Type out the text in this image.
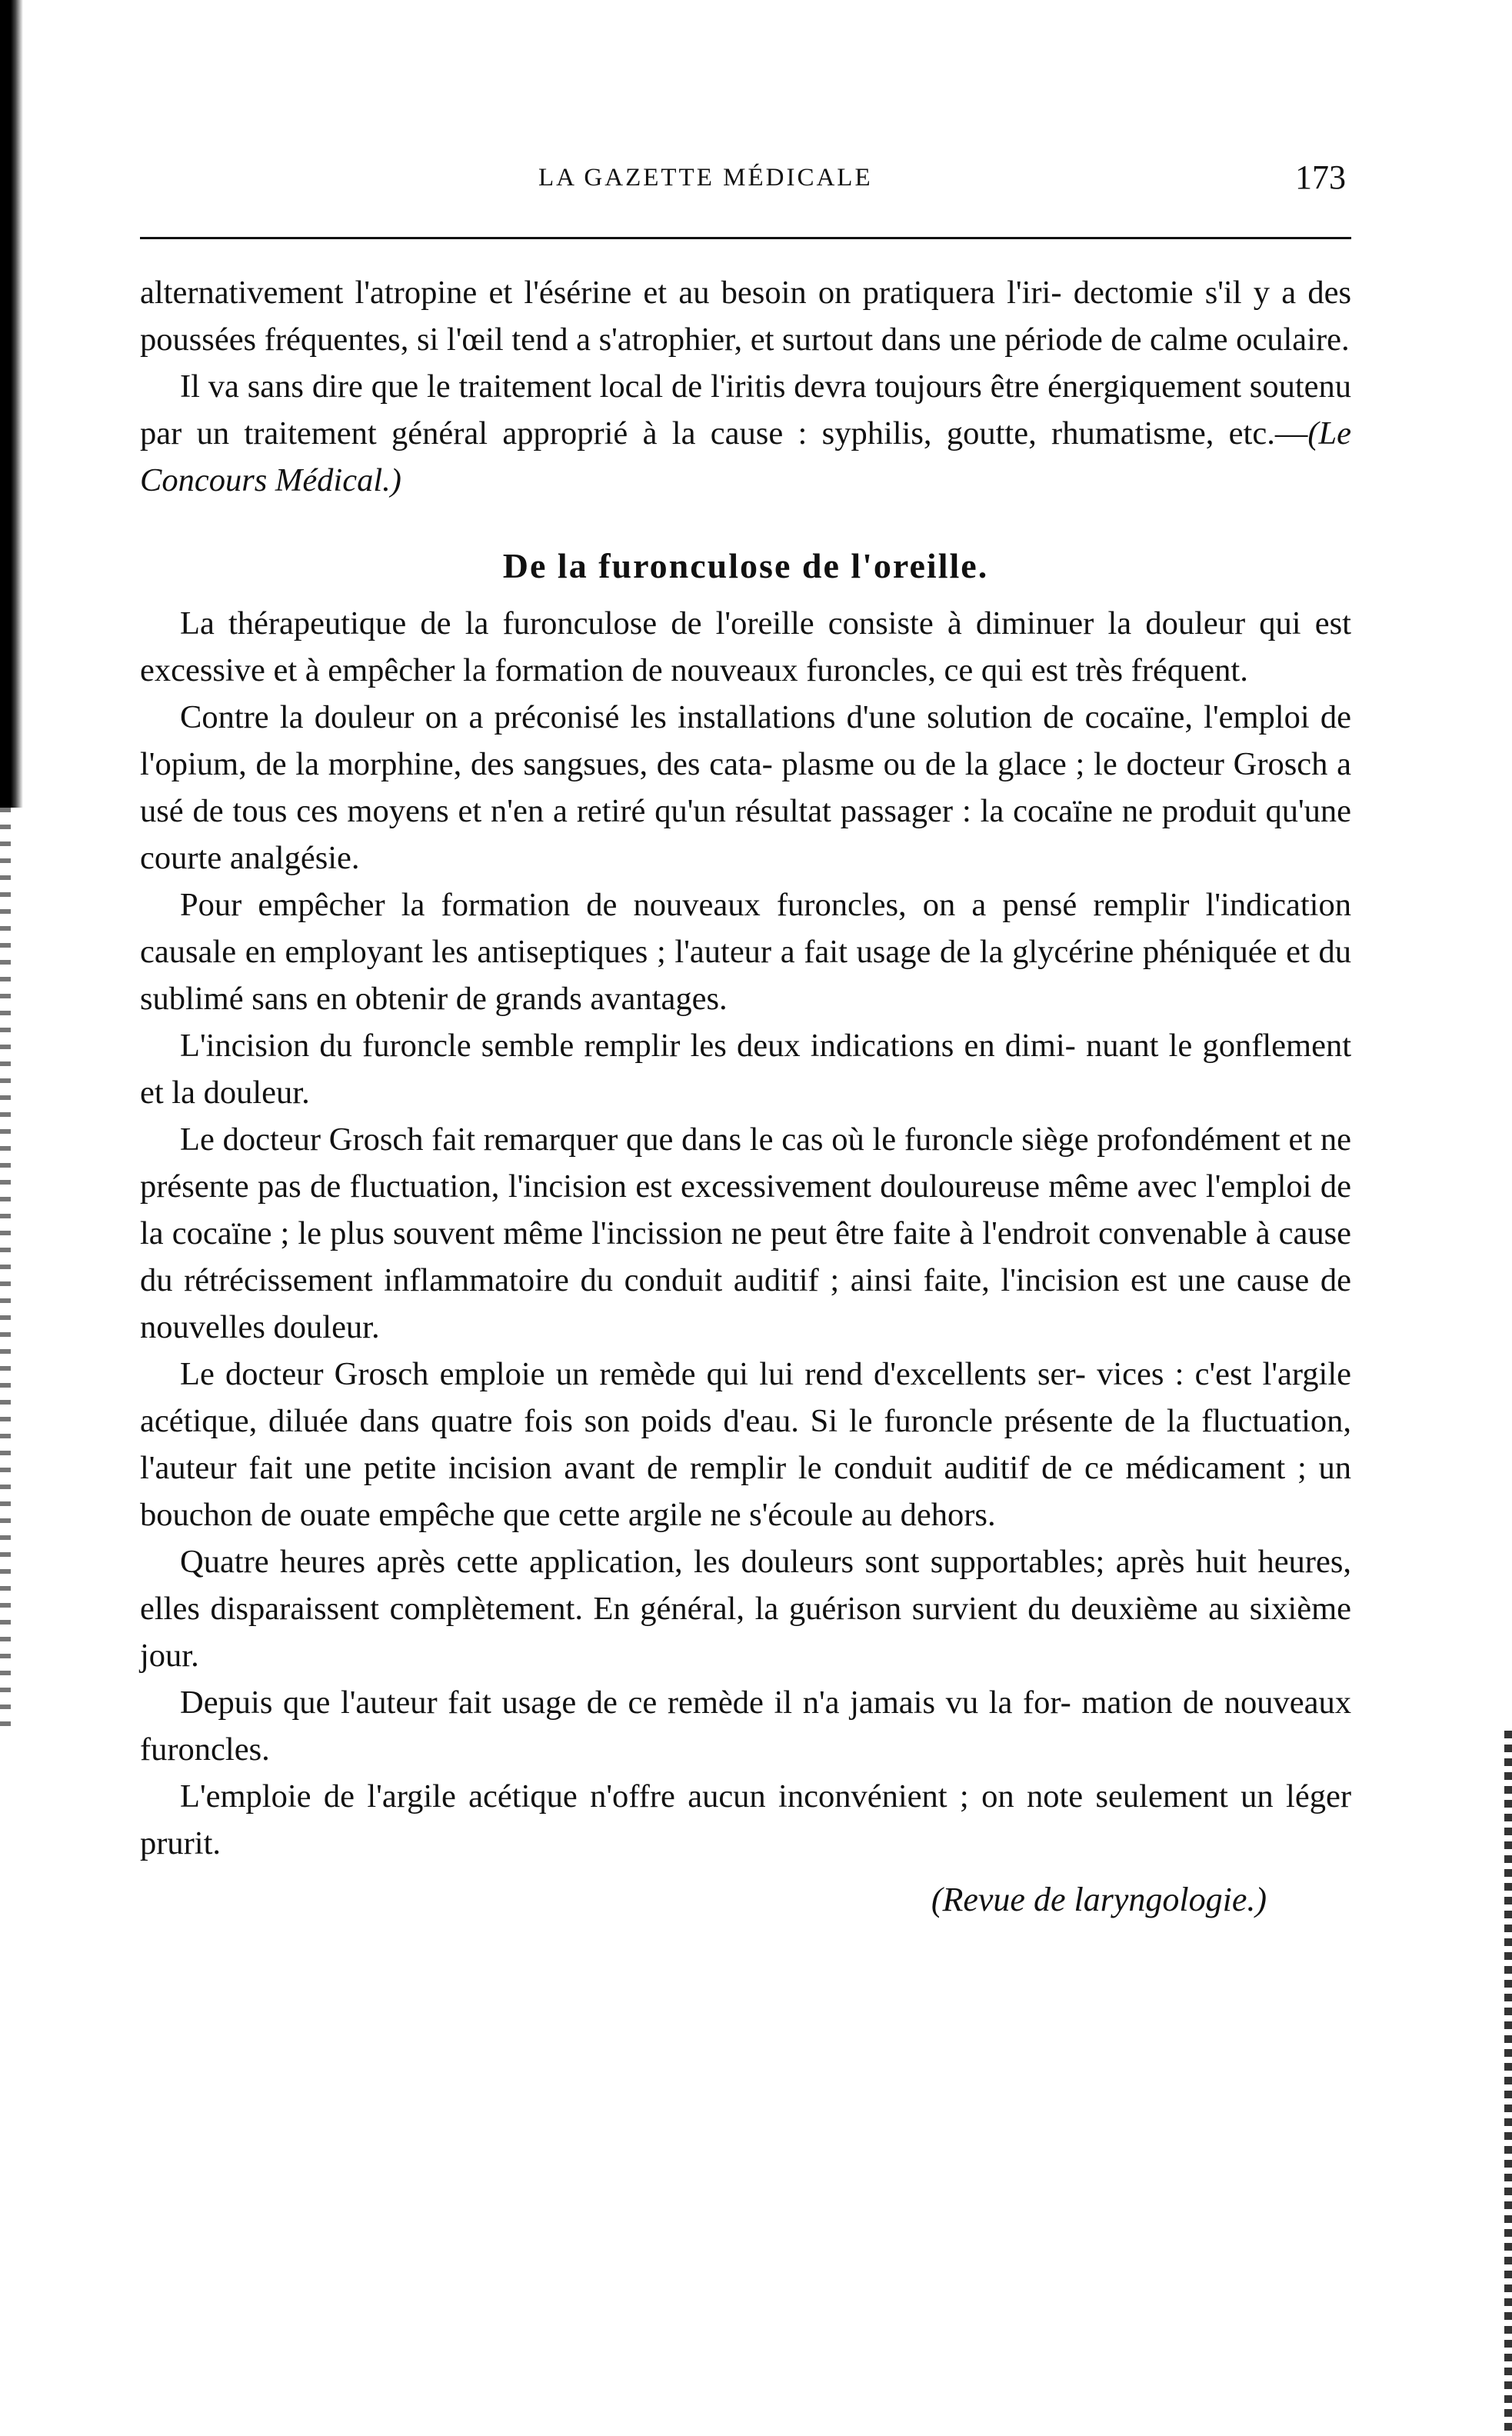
LA GAZETTE MÉDICALE	173

alternativement l'atropine et l'ésérine et au besoin on pratiquera l'iri- dectomie s'il y a des poussées fréquentes, si l'œil tend a s'atrophier, et surtout dans une période de calme oculaire.

Il va sans dire que le traitement local de l'iritis devra toujours être énergiquement soutenu par un traitement général approprié à la cause : syphilis, goutte, rhumatisme, etc.—(Le Concours Médical.)

De la furonculose de l'oreille.

La thérapeutique de la furonculose de l'oreille consiste à diminuer la douleur qui est excessive et à empêcher la formation de nouveaux furoncles, ce qui est très fréquent.

Contre la douleur on a préconisé les installations d'une solution de cocaïne, l'emploi de l'opium, de la morphine, des sangsues, des cata- plasme ou de la glace ; le docteur Grosch a usé de tous ces moyens et n'en a retiré qu'un résultat passager : la cocaïne ne produit qu'une courte analgésie.

Pour empêcher la formation de nouveaux furoncles, on a pensé remplir l'indication causale en employant les antiseptiques ; l'auteur a fait usage de la glycérine phéniquée et du sublimé sans en obtenir de grands avantages.

L'incision du furoncle semble remplir les deux indications en dimi- nuant le gonflement et la douleur.

Le docteur Grosch fait remarquer que dans le cas où le furoncle siège profondément et ne présente pas de fluctuation, l'incision est excessivement douloureuse même avec l'emploi de la cocaïne ; le plus souvent même l'incission ne peut être faite à l'endroit convenable à cause du rétrécissement inflammatoire du conduit auditif ; ainsi faite, l'incision est une cause de nouvelles douleur.

Le docteur Grosch emploie un remède qui lui rend d'excellents ser- vices : c'est l'argile acétique, diluée dans quatre fois son poids d'eau. Si le furoncle présente de la fluctuation, l'auteur fait une petite incision avant de remplir le conduit auditif de ce médicament ; un bouchon de ouate empêche que cette argile ne s'écoule au dehors.

Quatre heures après cette application, les douleurs sont supportables; après huit heures, elles disparaissent complètement. En général, la guérison survient du deuxième au sixième jour.

Depuis que l'auteur fait usage de ce remède il n'a jamais vu la for- mation de nouveaux furoncles.

L'emploie de l'argile acétique n'offre aucun inconvénient ; on note seulement un léger prurit.

(Revue de laryngologie.)
